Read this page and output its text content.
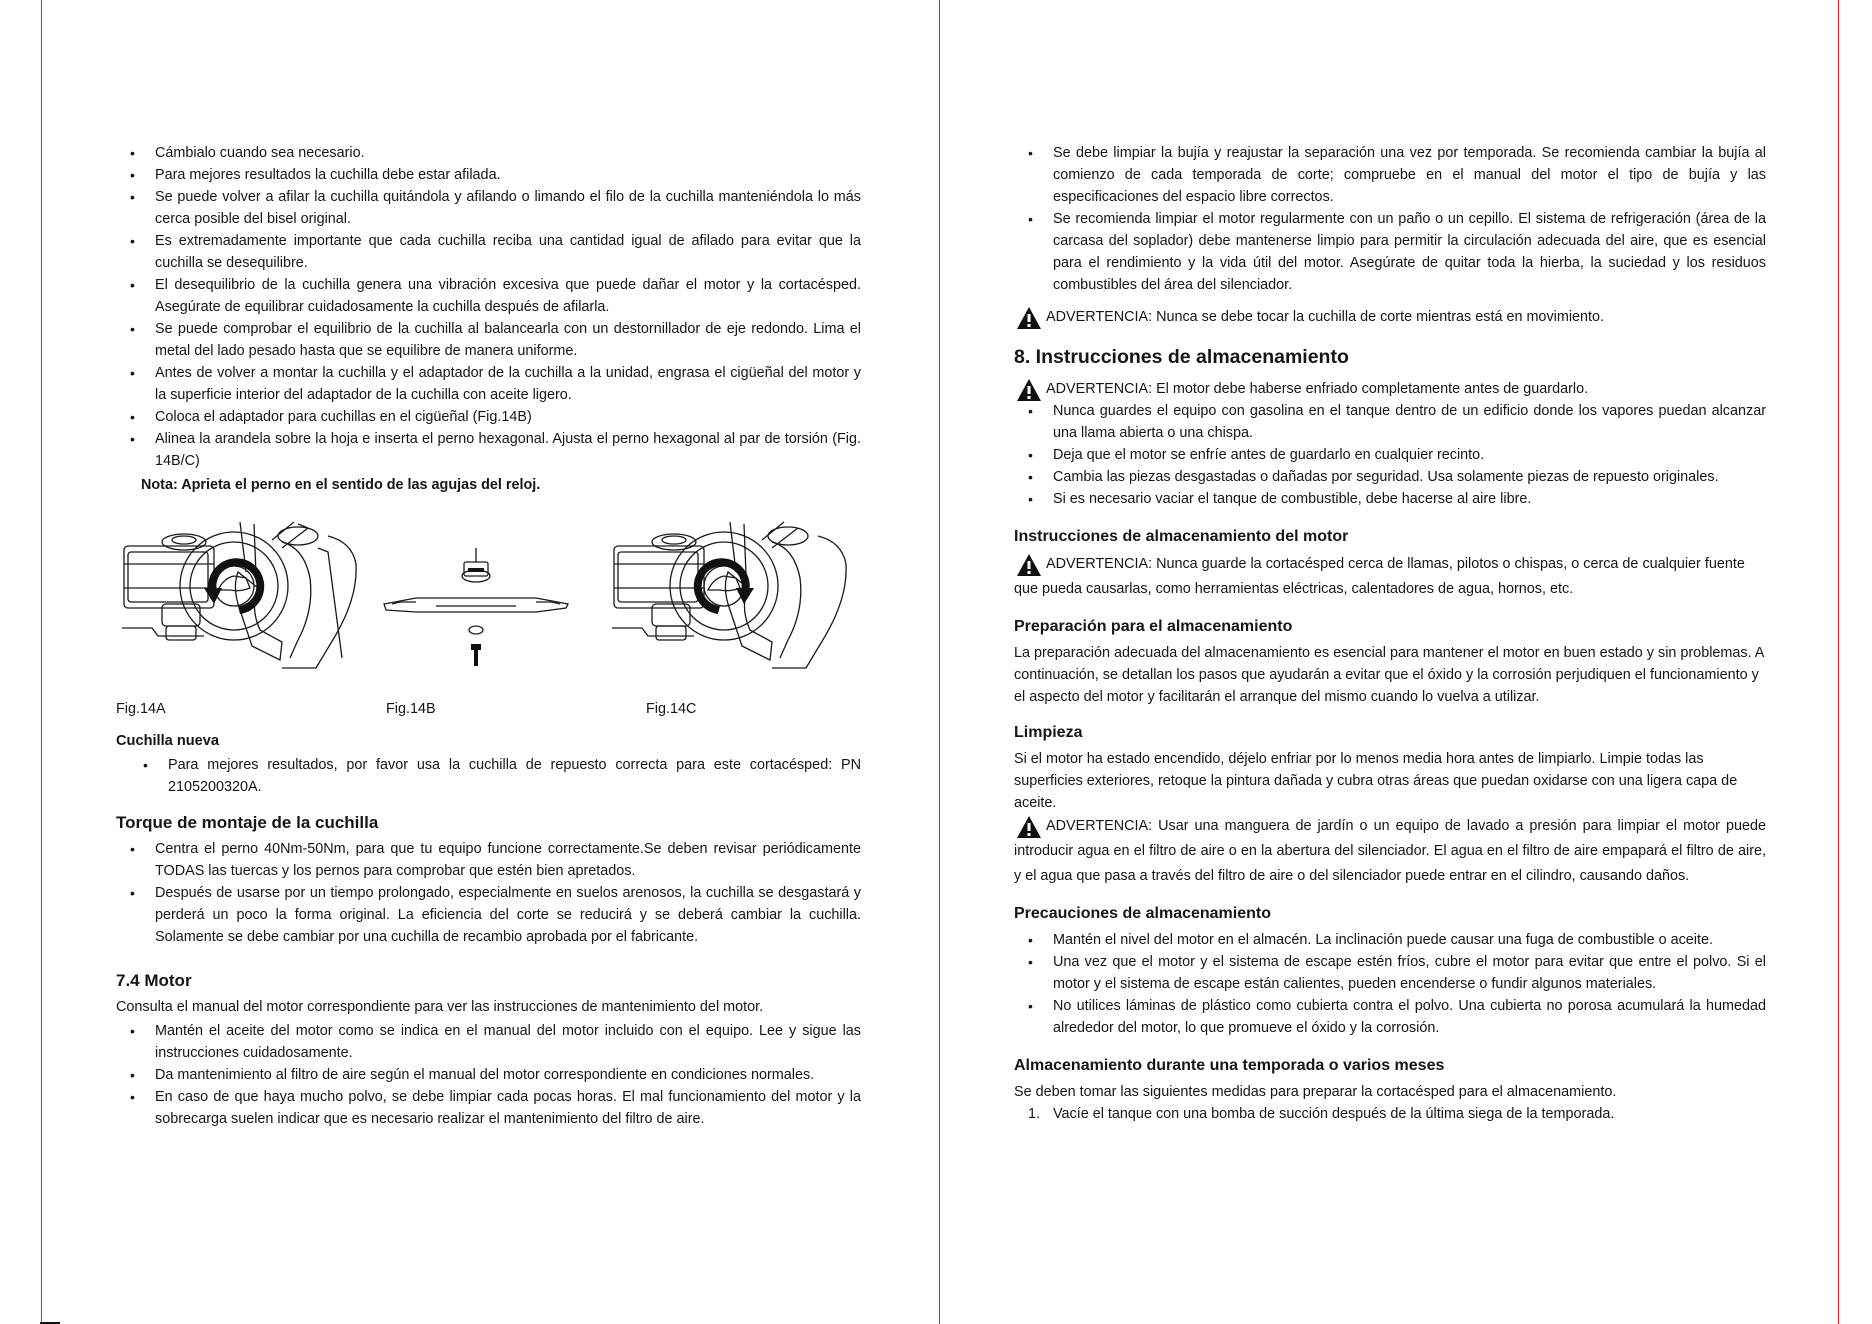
• Cámbialo cuando sea necesario.
• Para mejores resultados la cuchilla debe estar afilada.
• Se puede volver a afilar la cuchilla quitándola y afilando o limando el filo de la cuchilla manteniéndola lo más cerca posible del bisel original.
• Es extremadamente importante que cada cuchilla reciba una cantidad igual de afilado para evitar que la cuchilla se desequilibre.
• El desequilibrio de la cuchilla genera una vibración excesiva que puede dañar el motor y la cortacésped. Asegúrate de equilibrar cuidadosamente la cuchilla después de afilarla.
• Se puede comprobar el equilibrio de la cuchilla al balancearla con un destornillador de eje redondo. Lima el metal del lado pesado hasta que se equilibre de manera uniforme.
• Antes de volver a montar la cuchilla y el adaptador de la cuchilla a la unidad, engrasa el cigüeñal del motor y la superficie interior del adaptador de la cuchilla con aceite ligero.
• Coloca el adaptador para cuchillas en el cigüeñal (Fig.14B)
• Alinea la arandela sobre la hoja e inserta el perno hexagonal. Ajusta el perno hexagonal al par de torsión (Fig. 14B/C)
Nota: Aprieta el perno en el sentido de las agujas del reloj.
Fig.14A	Fig.14B	Fig.14C
Cuchilla nueva
• Para mejores resultados, por favor usa la cuchilla de repuesto correcta para este cortacésped: PN 2105200320A.
Torque de montaje de la cuchilla
• Centra el perno 40Nm-50Nm, para que tu equipo funcione correctamente.Se deben revisar periódicamente TODAS las tuercas y los pernos para comprobar que estén bien apretados.
• Después de usarse por un tiempo prolongado, especialmente en suelos arenosos, la cuchilla se desgastará y perderá un poco la forma original. La eficiencia del corte se reducirá y se deberá cambiar la cuchilla. Solamente se debe cambiar por una cuchilla de recambio aprobada por el fabricante.
7.4 Motor
Consulta el manual del motor correspondiente para ver las instrucciones de mantenimiento del motor.
• Mantén el aceite del motor como se indica en el manual del motor incluido con el equipo. Lee y sigue las instrucciones cuidadosamente.
• Da mantenimiento al filtro de aire según el manual del motor correspondiente en condiciones normales.
• En caso de que haya mucho polvo, se debe limpiar cada pocas horas. El mal funcionamiento del motor y la sobrecarga suelen indicar que es necesario realizar el mantenimiento del filtro de aire.
• Se debe limpiar la bujía y reajustar la separación una vez por temporada. Se recomienda cambiar la bujía al comienzo de cada temporada de corte; compruebe en el manual del motor el tipo de bujía y las especificaciones del espacio libre correctos.
• Se recomienda limpiar el motor regularmente con un paño o un cepillo. El sistema de refrigeración (área de la carcasa del soplador) debe mantenerse limpio para permitir la circulación adecuada del aire, que es esencial para el rendimiento y la vida útil del motor. Asegúrate de quitar toda la hierba, la suciedad y los residuos combustibles del área del silenciador.
ADVERTENCIA: Nunca se debe tocar la cuchilla de corte mientras está en movimiento.
8. Instrucciones de almacenamiento
ADVERTENCIA: El motor debe haberse enfriado completamente antes de guardarlo.
• Nunca guardes el equipo con gasolina en el tanque dentro de un edificio donde los vapores puedan alcanzar una llama abierta o una chispa.
• Deja que el motor se enfríe antes de guardarlo en cualquier recinto.
• Cambia las piezas desgastadas o dañadas por seguridad. Usa solamente piezas de repuesto originales.
• Si es necesario vaciar el tanque de combustible, debe hacerse al aire libre.
Instrucciones de almacenamiento del motor
ADVERTENCIA: Nunca guarde la cortacésped cerca de llamas, pilotos o chispas, o cerca de cualquier fuente que pueda causarlas, como herramientas eléctricas, calentadores de agua, hornos, etc.
Preparación para el almacenamiento
La preparación adecuada del almacenamiento es esencial para mantener el motor en buen estado y sin problemas. A continuación, se detallan los pasos que ayudarán a evitar que el óxido y la corrosión perjudiquen el funcionamiento y el aspecto del motor y facilitarán el arranque del mismo cuando lo vuelva a utilizar.
Limpieza
Si el motor ha estado encendido, déjelo enfriar por lo menos media hora antes de limpiarlo. Limpie todas las superficies exteriores, retoque la pintura dañada y cubra otras áreas que puedan oxidarse con una ligera capa de aceite.
ADVERTENCIA: Usar una manguera de jardín o un equipo de lavado a presión para limpiar el motor puede introducir agua en el filtro de aire o en la abertura del silenciador. El agua en el filtro de aire empapará el filtro de aire, y el agua que pasa a través del filtro de aire o del silenciador puede entrar en el cilindro, causando daños.
Precauciones de almacenamiento
• Mantén el nivel del motor en el almacén. La inclinación puede causar una fuga de combustible o aceite.
• Una vez que el motor y el sistema de escape estén fríos, cubre el motor para evitar que entre el polvo. Si el motor y el sistema de escape están calientes, pueden encenderse o fundir algunos materiales.
• No utilices láminas de plástico como cubierta contra el polvo. Una cubierta no porosa acumulará la humedad alrededor del motor, lo que promueve el óxido y la corrosión.
Almacenamiento durante una temporada o varios meses
Se deben tomar las siguientes medidas para preparar la cortacésped para el almacenamiento.
1. Vacíe el tanque con una bomba de succión después de la última siega de la temporada.
